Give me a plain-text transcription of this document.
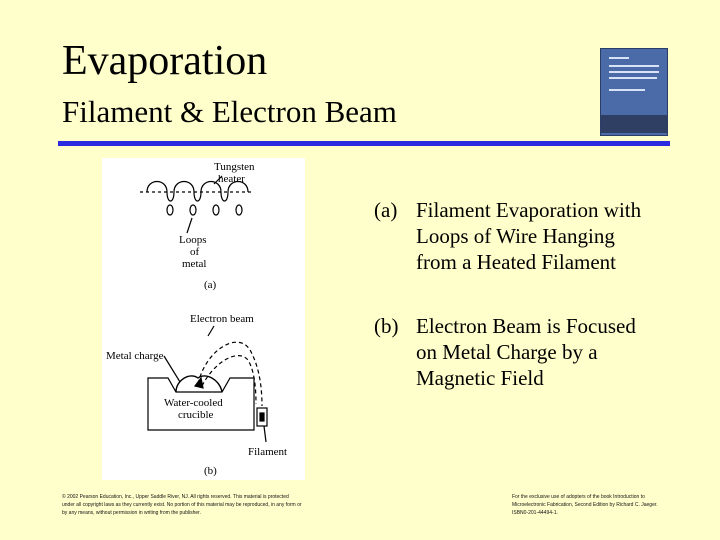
Evaporation
Filament & Electron Beam
Tungsten
heater
Loops
of
metal
(a)
Electron beam
Metal charge
Water-cooled
crucible
Filament
(b)
(a) Filament Evaporation with Loops of Wire Hanging from a Heated Filament
(b) Electron Beam is Focused on Metal Charge by a Magnetic Field
© 2002 Pearson Education, Inc., Upper Saddle River, NJ. All rights reserved. This material is protected under all copyright laws as they currently exist. No portion of this material may be reproduced, in any form or by any means, without permission in writing from the publisher.
For the exclusive use of adopters of the book Introduction to Microelectronic Fabrication, Second Edition by Richard C. Jaeger. ISBN0-201-44494-1.
